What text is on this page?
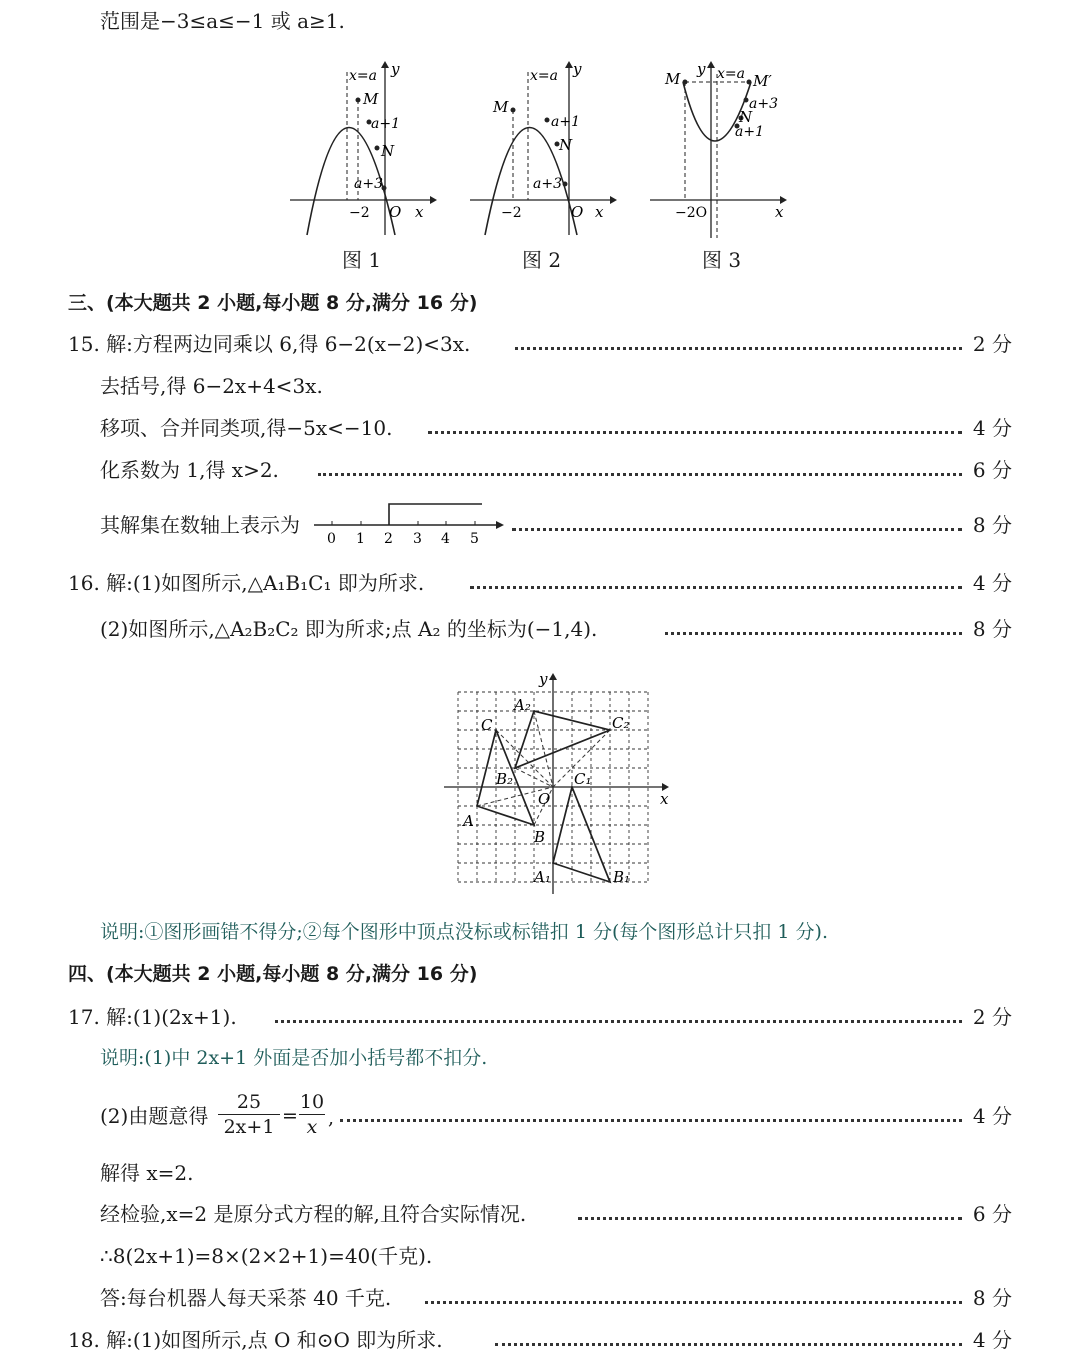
范围是−3≤a≤−1 或 a≥1.
x=a y
M
a+1
N
a+3
−2 O x
x=a y
M
a+1
N
a+3
−2	O x
M
y x=a M′
a+3
N
a+1
−2O	x
图 1	图 2	图 3
三、(本大题共 2 小题,每小题 8 分,满分 16 分)
15. 解:方程两边同乘以 6,得 6−2(x−2)<3x.	2 分
去括号,得 6−2x+4<3x.
移项、合并同类项,得−5x<−10.	4 分
化系数为 1,得 x>2.	6 分
其解集在数轴上表示为	8 分
0 1 2 3 4 5
16. 解:(1)如图所示,△A₁B₁C₁ 即为所求.	4 分
(2)如图所示,△A₂B₂C₂ 即为所求;点 A₂ 的坐标为(−1,4).	8 分
y
A₂
C	C₂
B₂
O
C₁
x
A
B
A₁	B₁
说明:①图形画错不得分;②每个图形中顶点没标或标错扣 1 分(每个图形总计只扣 1 分).
四、(本大题共 2 小题,每小题 8 分,满分 16 分)
17. 解:(1)(2x+1).	2 分
说明:(1)中 2x+1 外面是否加小括号都不扣分.
(2)由题意得	4 分
$\frac{25}{2x+1} = \frac{10}{x}$ ,
解得 x=2.
经检验,x=2 是原分式方程的解,且符合实际情况.	6 分
∴8(2x+1)=8×(2×2+1)=40(千克).
答:每台机器人每天采茶 40 千克.	8 分
18. 解:(1)如图所示,点 O 和⊙O 即为所求.	4 分
